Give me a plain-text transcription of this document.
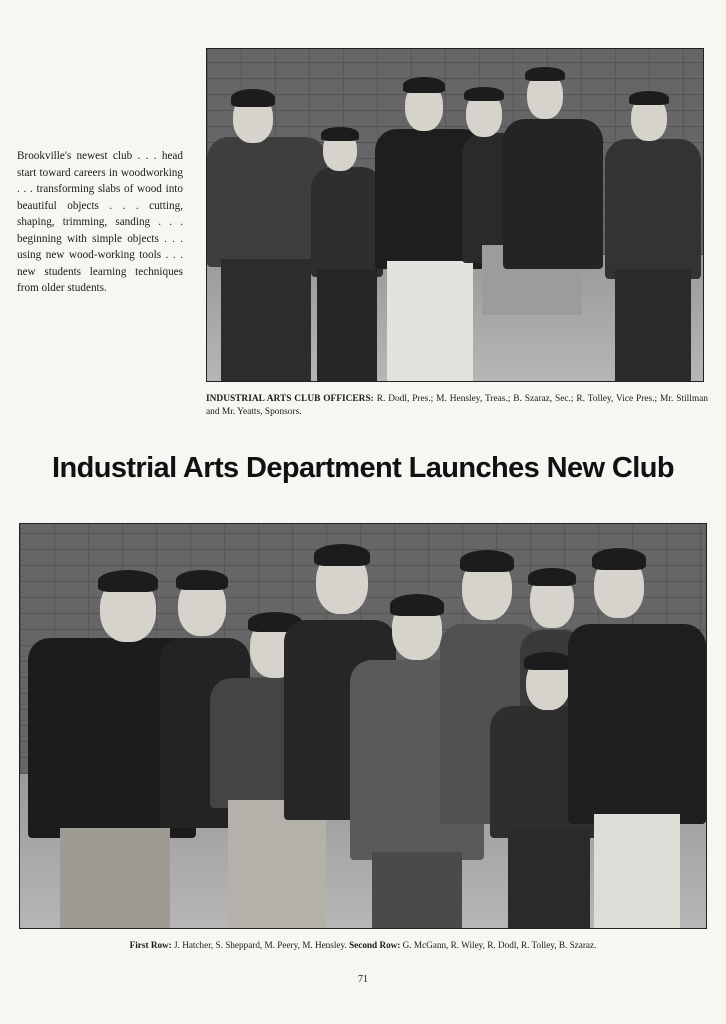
Brookville's newest club . . . head start toward careers in woodworking . . . transforming slabs of wood into beautiful objects . . . cutting, shaping, trimming, sanding . . . beginning with simple objects . . . using new wood-working tools . . . new students learning techniques from older students.
INDUSTRIAL ARTS CLUB OFFICERS: R. Dodl, Pres.; M. Hensley, Treas.; B. Szaraz, Sec.; R. Tolley, Vice Pres.; Mr. Stillman and Mr. Yeatts, Sponsors.
Industrial Arts Department Launches New Club
First Row: J. Hatcher, S. Sheppard, M. Peery, M. Hensley. Second Row: G. McGann, R. Wiley, R. Dodl, R. Tolley, B. Szaraz.
71
